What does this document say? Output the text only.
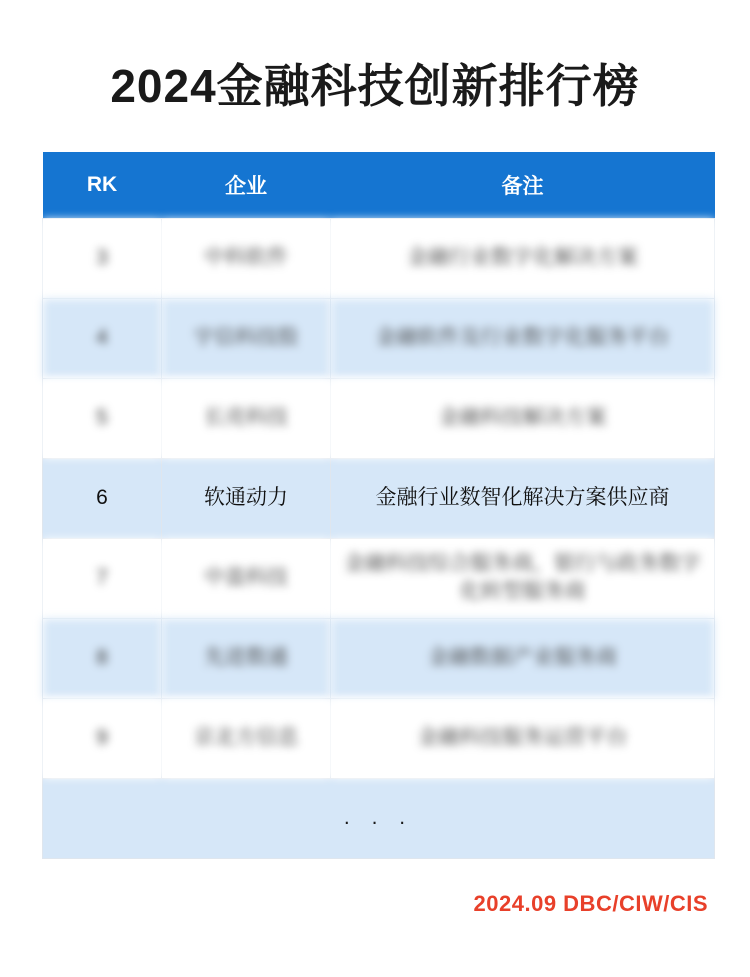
2024金融科技创新排行榜
RK	企业	备注
3	中科软件	金融行业数字化解决方案
4	宇信科技股	金融软件及行业数字化服务平台
5	长亮科技	金融科技解决方案
6	软通动力	金融行业数智化解决方案供应商
7	中盈科技	金融科技综合服务商，银行与政务数字化转型服务商
8	先进数通	金融数据产业服务商
9	京北方信息	金融科技服务运营平台
. . .		
2024.09 DBC/CIW/CIS
